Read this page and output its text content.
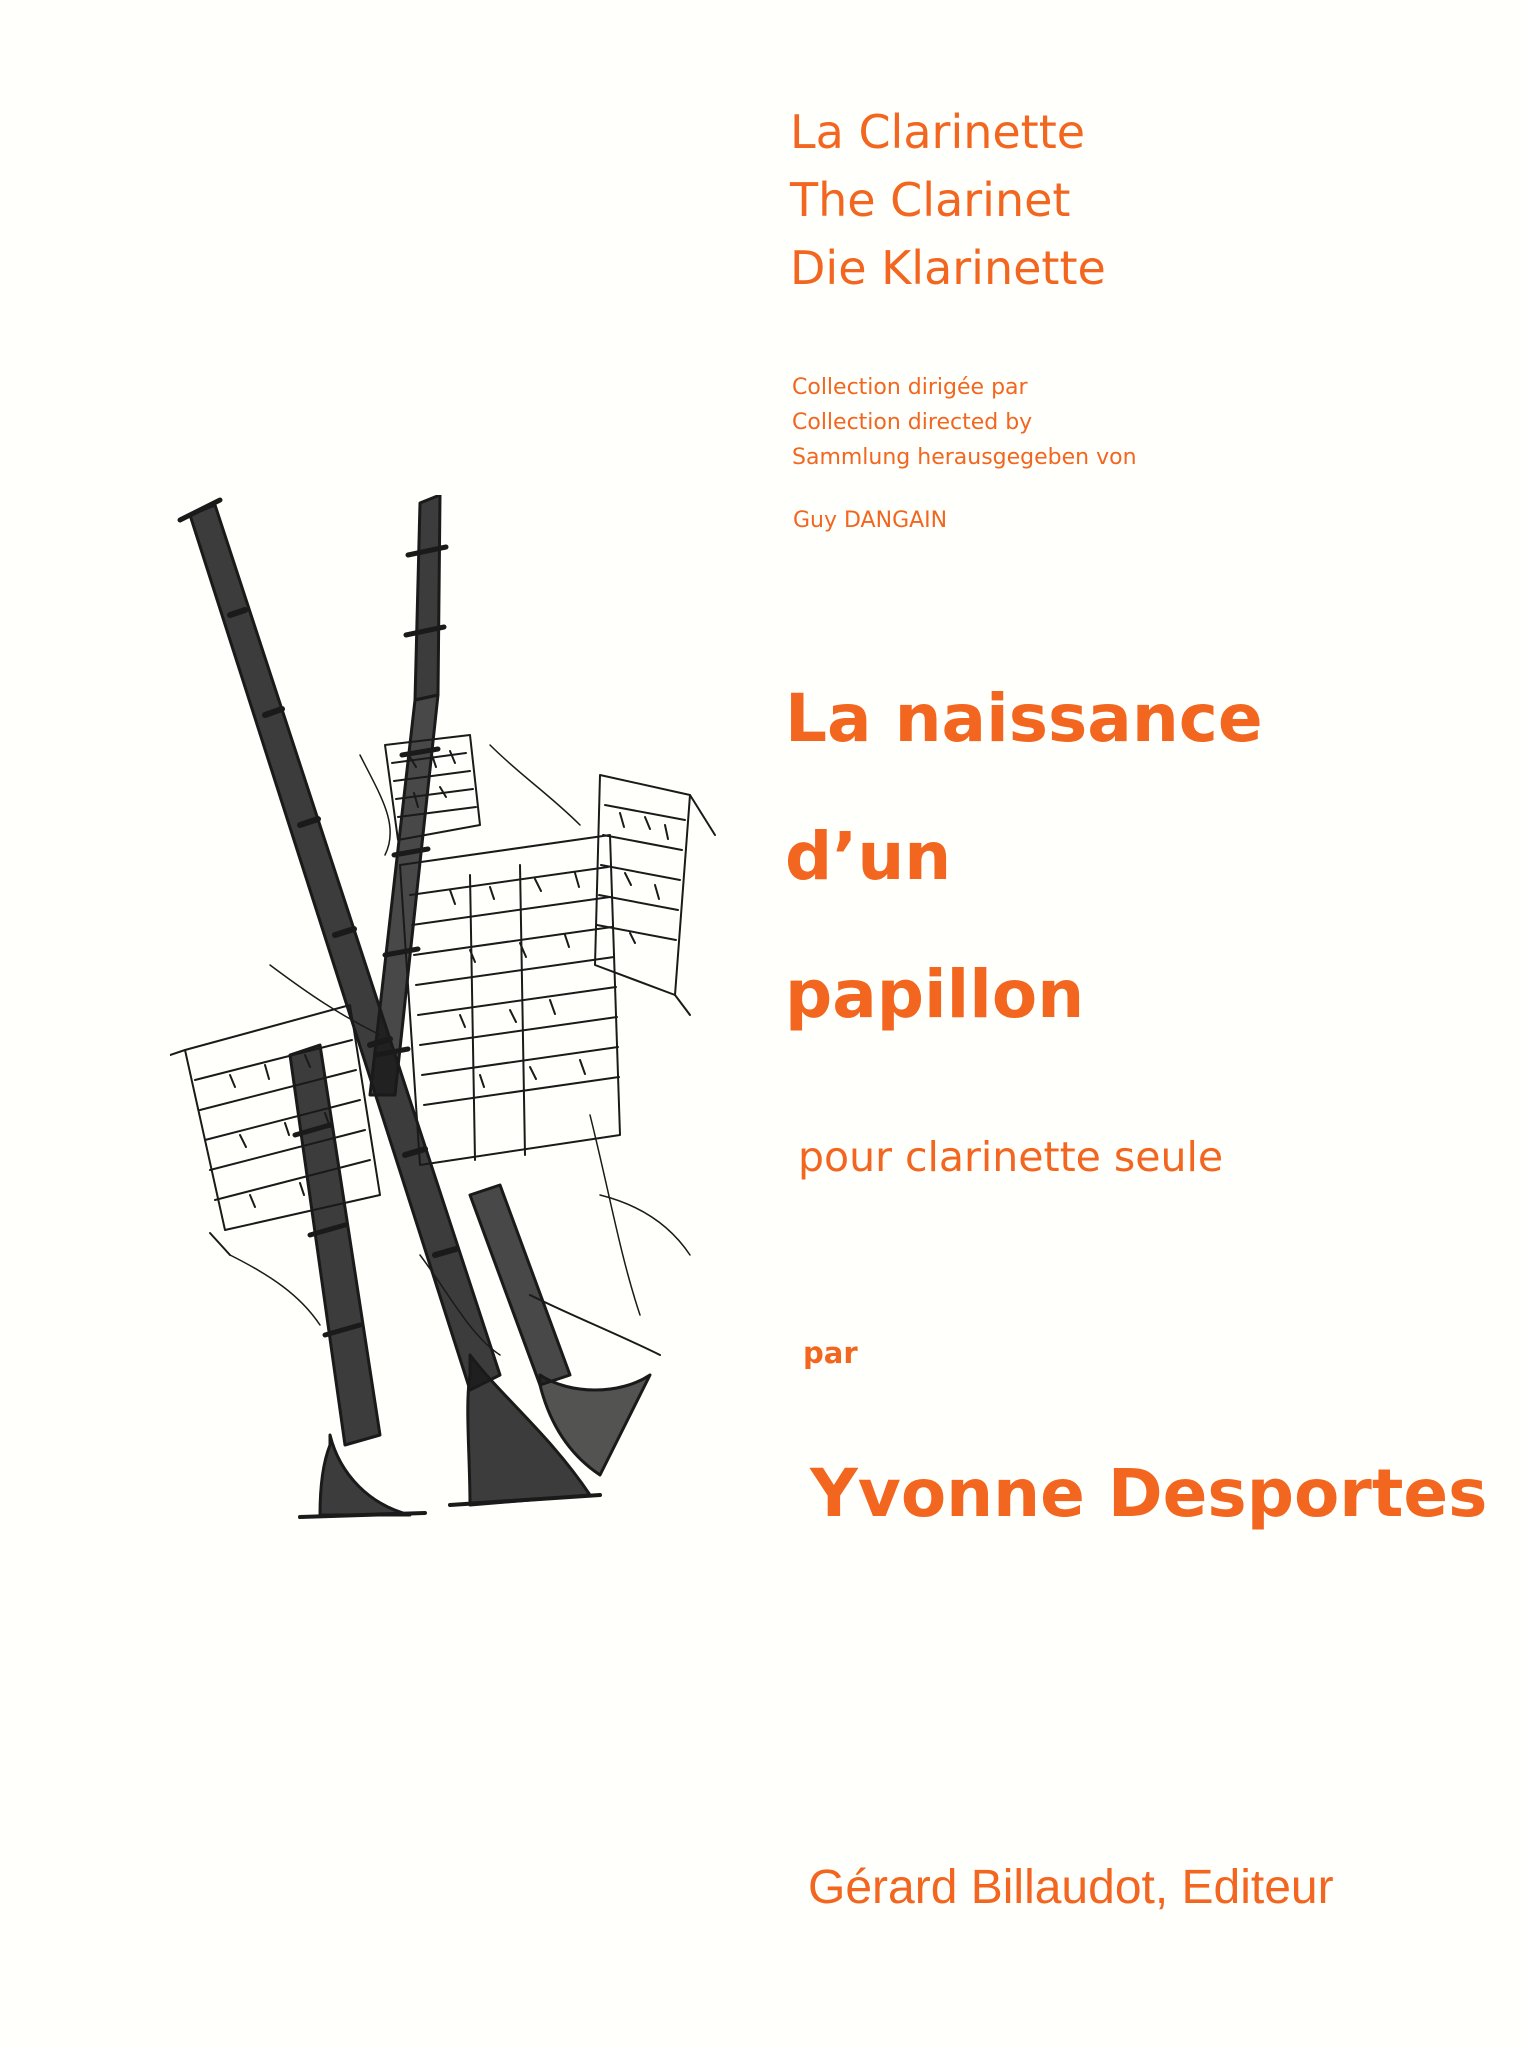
La Clarinette
The Clarinet
Die Klarinette
Collection dirigée par
Collection directed by
Sammlung herausgegeben von
Guy DANGAIN
La naissance
d’un
papillon
pour clarinette seule
par
Yvonne Desportes
Gérard Billaudot, Editeur
